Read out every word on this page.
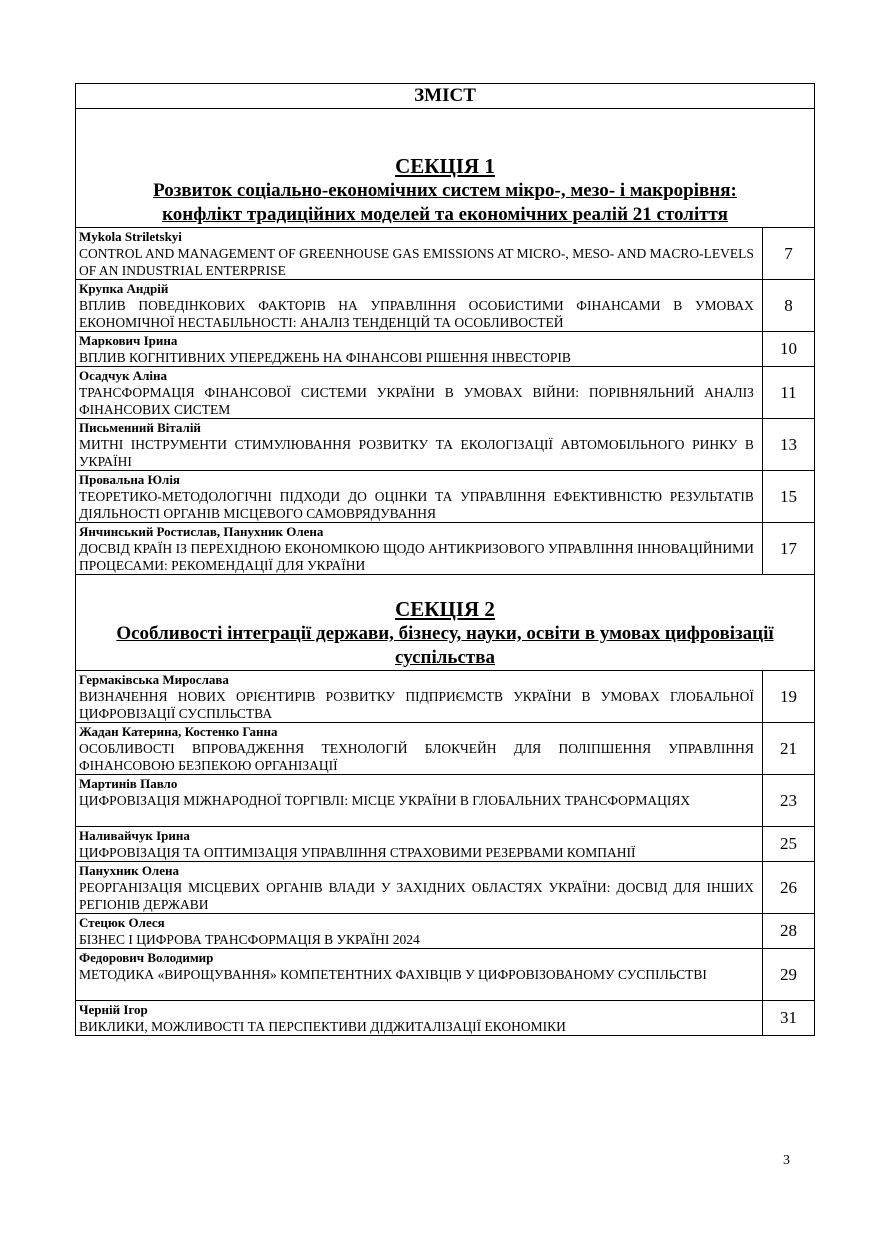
ЗМІСТ	

СЕКЦІЯ 1
Розвиток соціально-економічних систем мікро-, мезо- і макрорівня:
конфлікт традиційних моделей та економічних реалій 21 століття	

Mykola Striletskyi
CONTROL AND MANAGEMENT OF GREENHOUSE GAS EMISSIONS AT MICRO-, MESO- AND MACRO-LEVELS OF AN INDUSTRIAL ENTERPRISE	7

Крупка Андрій
ВПЛИВ ПОВЕДІНКОВИХ ФАКТОРІВ НА УПРАВЛІННЯ ОСОБИСТИМИ ФІНАНСАМИ В УМОВАХ ЕКОНОМІЧНОЇ НЕСТАБІЛЬНОСТІ: АНАЛІЗ ТЕНДЕНЦІЙ ТА ОСОБЛИВОСТЕЙ	8

Маркович Ірина
ВПЛИВ КОГНІТИВНИХ УПЕРЕДЖЕНЬ НА ФІНАНСОВІ РІШЕННЯ ІНВЕСТОРІВ	10

Осадчук Аліна
ТРАНСФОРМАЦІЯ ФІНАНСОВОЇ СИСТЕМИ УКРАЇНИ В УМОВАХ ВІЙНИ: ПОРІВНЯЛЬНИЙ АНАЛІЗ ФІНАНСОВИХ СИСТЕМ	11

Письменний Віталій
МИТНІ ІНСТРУМЕНТИ СТИМУЛЮВАННЯ РОЗВИТКУ ТА ЕКОЛОГІЗАЦІЇ АВТОМОБІЛЬНОГО РИНКУ В УКРАЇНІ	13

Провальна Юлія
ТЕОРЕТИКО-МЕТОДОЛОГІЧНІ ПІДХОДИ ДО ОЦІНКИ ТА УПРАВЛІННЯ ЕФЕКТИВНІСТЮ РЕЗУЛЬТАТІВ ДІЯЛЬНОСТІ ОРГАНІВ МІСЦЕВОГО САМОВРЯДУВАННЯ	15

Янчинський Ростислав, Панухник Олена
ДОСВІД КРАЇН ІЗ ПЕРЕХІДНОЮ ЕКОНОМІКОЮ ЩОДО АНТИКРИЗОВОГО УПРАВЛІННЯ ІННОВАЦІЙНИМИ ПРОЦЕСАМИ: РЕКОМЕНДАЦІЇ ДЛЯ УКРАЇНИ	17

СЕКЦІЯ 2
Особливості інтеграції держави, бізнесу, науки, освіти в умовах цифровізації
суспільства	

Гермаківська Мирослава
ВИЗНАЧЕННЯ НОВИХ ОРІЄНТИРІВ РОЗВИТКУ ПІДПРИЄМСТВ УКРАЇНИ В УМОВАХ ГЛОБАЛЬНОЇ ЦИФРОВІЗАЦІЇ СУСПІЛЬСТВА	19

Жадан Катерина, Костенко Ганна
ОСОБЛИВОСТІ ВПРОВАДЖЕННЯ ТЕХНОЛОГІЙ БЛОКЧЕЙН ДЛЯ ПОЛІПШЕННЯ УПРАВЛІННЯ ФІНАНСОВОЮ БЕЗПЕКОЮ ОРГАНІЗАЦІЇ	21

Мартинів Павло
ЦИФРОВІЗАЦІЯ МІЖНАРОДНОЇ ТОРГІВЛІ: МІСЦЕ УКРАЇНИ В ГЛОБАЛЬНИХ ТРАНСФОРМАЦІЯХ	23

Наливайчук Ірина
ЦИФРОВІЗАЦІЯ ТА ОПТИМІЗАЦІЯ УПРАВЛІННЯ СТРАХОВИМИ РЕЗЕРВАМИ КОМПАНІЇ	25

Панухник Олена
РЕОРГАНІЗАЦІЯ МІСЦЕВИХ ОРГАНІВ ВЛАДИ У ЗАХІДНИХ ОБЛАСТЯХ УКРАЇНИ: ДОСВІД ДЛЯ ІНШИХ РЕГІОНІВ ДЕРЖАВИ	26

Стецюк Олеся
БІЗНЕС І ЦИФРОВА ТРАНСФОРМАЦІЯ В УКРАЇНІ 2024	28

Федорович Володимир
МЕТОДИКА «ВИРОЩУВАННЯ» КОМПЕТЕНТНИХ ФАХІВЦІВ У ЦИФРОВІЗОВАНОМУ СУСПІЛЬСТВІ	29

Черній Ігор
ВИКЛИКИ, МОЖЛИВОСТІ ТА ПЕРСПЕКТИВИ ДІДЖИТАЛІЗАЦІЇ ЕКОНОМІКИ	31
3
